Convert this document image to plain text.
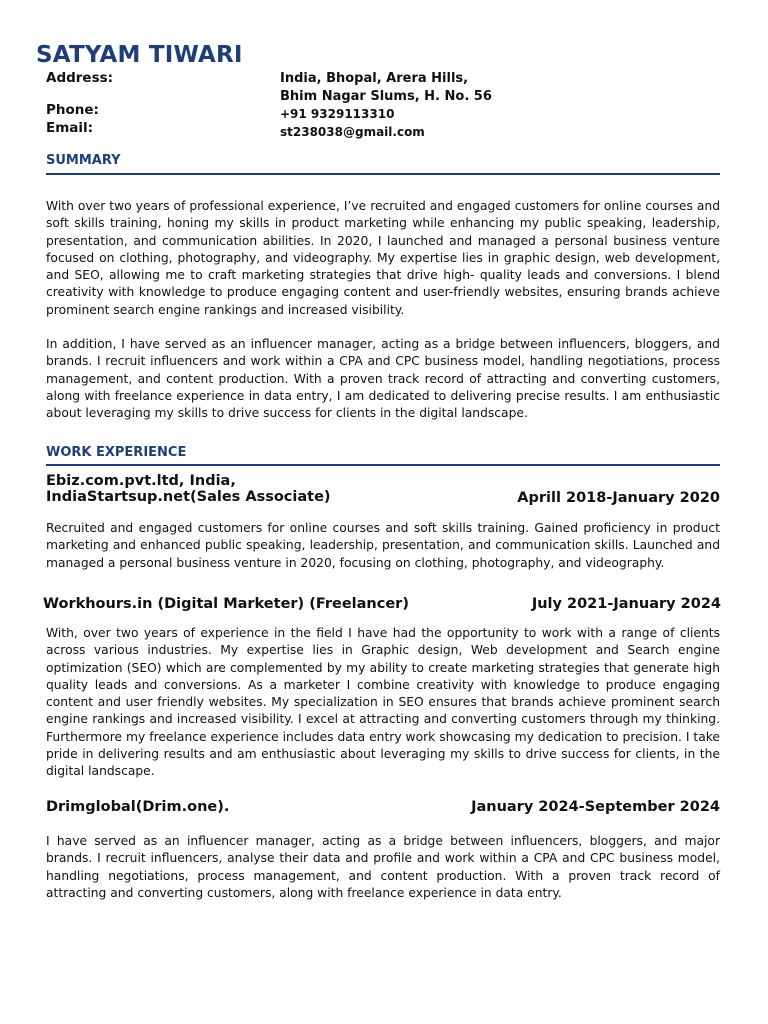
SATYAM TIWARI
Address:	India, Bhopal, Arera Hills,
Bhim Nagar Slums, H. No. 56
Phone:	+91 9329113310
Email:	st238038@gmail.com
SUMMARY
With over two years of professional experience, I’ve recruited and engaged customers for online courses and soft skills training, honing my skills in product marketing while enhancing my public speaking, leadership, presentation, and communication abilities. In 2020, I launched and managed a personal business venture focused on clothing, photography, and videography. My expertise lies in graphic design, web development, and SEO, allowing me to craft marketing strategies that drive high- quality leads and conversions. I blend creativity with knowledge to produce engaging content and user-friendly websites, ensuring brands achieve prominent search engine rankings and increased visibility.
In addition, I have served as an influencer manager, acting as a bridge between influencers, bloggers, and brands. I recruit influencers and work within a CPA and CPC business model, handling negotiations, process management, and content production. With a proven track record of attracting and converting customers, along with freelance experience in data entry, I am dedicated to delivering precise results. I am enthusiastic about leveraging my skills to drive success for clients in the digital landscape.
WORK EXPERIENCE
Ebiz.com.pvt.ltd, India,
IndiaStartsup.net(Sales Associate)	Aprill 2018-January 2020
Recruited and engaged customers for online courses and soft skills training. Gained proficiency in product marketing and enhanced public speaking, leadership, presentation, and communication skills. Launched and managed a personal business venture in 2020, focusing on clothing, photography, and videography.
Workhours.in (Digital Marketer) (Freelancer)	July 2021-January 2024
With, over two years of experience in the field I have had the opportunity to work with a range of clients across various industries. My expertise lies in Graphic design, Web development and Search engine optimization (SEO) which are complemented by my ability to create marketing strategies that generate high quality leads and conversions. As a marketer I combine creativity with knowledge to produce engaging content and user friendly websites. My specialization in SEO ensures that brands achieve prominent search engine rankings and increased visibility. I excel at attracting and converting customers through my thinking. Furthermore my freelance experience includes data entry work showcasing my dedication to precision. I take pride in delivering results and am enthusiastic about leveraging my skills to drive success for clients, in the digital landscape.
Drimglobal(Drim.one).	January 2024-September 2024
I have served as an influencer manager, acting as a bridge between influencers, bloggers, and major brands. I recruit influencers, analyse their data and profile and work within a CPA and CPC business model, handling negotiations, process management, and content production. With a proven track record of attracting and converting customers, along with freelance experience in data entry.
